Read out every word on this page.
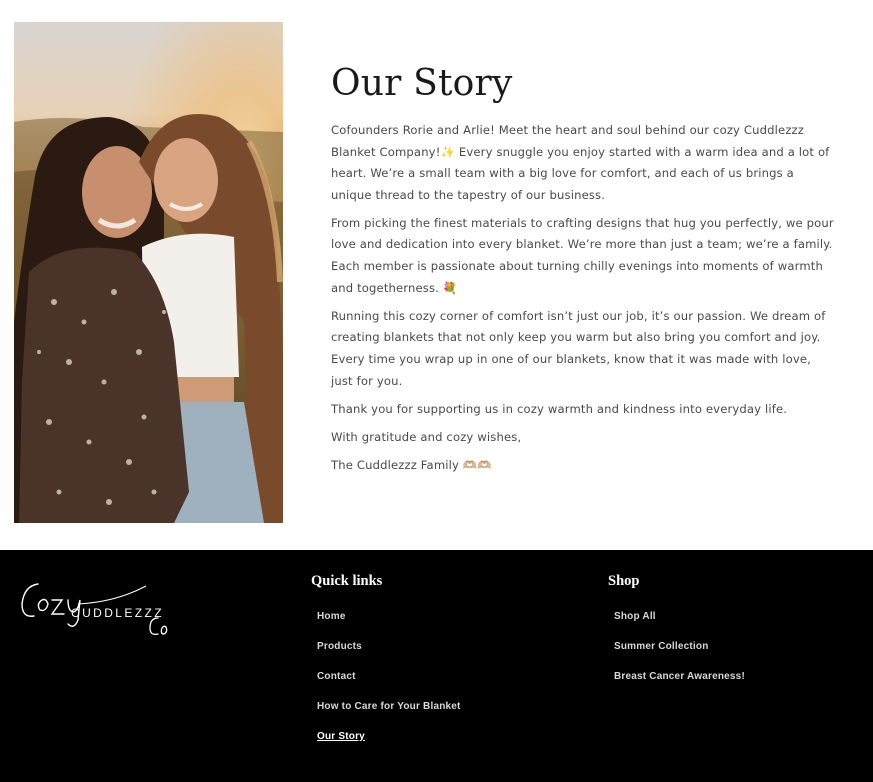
Our Story

Cofounders Rorie and Arlie! Meet the heart and soul behind our cozy Cuddlezzz Blanket Company!✨ Every snuggle you enjoy started with a warm idea and a lot of heart. We’re a small team with a big love for comfort, and each of us brings a unique thread to the tapestry of our business.

From picking the finest materials to crafting designs that hug you perfectly, we pour love and dedication into every blanket. We’re more than just a team; we’re a family. Each member is passionate about turning chilly evenings into moments of warmth and togetherness. 💐

Running this cozy corner of comfort isn’t just our job, it’s our passion. We dream of creating blankets that not only keep you warm but also bring you comfort and joy. Every time you wrap up in one of our blankets, know that it was made with love, just for you.

Thank you for supporting us in cozy warmth and kindness into everyday life.

With gratitude and cozy wishes,

The Cuddlezzz Family 🫶🏼🫶🏼

CUDDLEZZZ
Quick links
Home
Products
Contact
How to Care for Your Blanket
Our Story
Shop
Shop All
Summer Collection
Breast Cancer Awareness!
